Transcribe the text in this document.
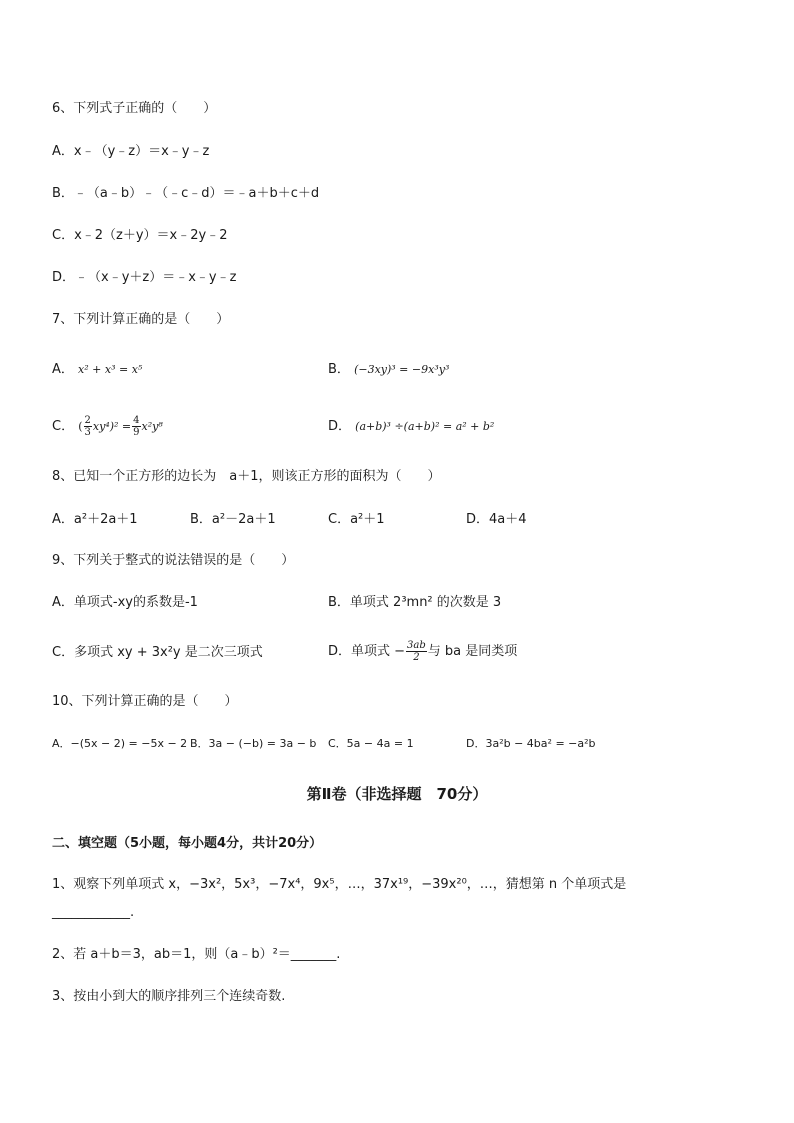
6、下列式子正确的（　　）
A．x﹣（y﹣z）＝x﹣y﹣z
B．﹣（a﹣b）﹣（﹣c﹣d）＝﹣a＋b＋c＋d
C．x﹣2（z＋y）＝x﹣2y﹣2
D．﹣（x﹣y＋z）＝﹣x﹣y﹣z
7、下列计算正确的是（　　）
A． x² + x³ = x⁵	B． (−3xy)³ = −9x³y³
C． ( $\frac{2}{3} xy^4)^2 = \frac{4}{9} x^2y^8$	D． (a+b)³ ÷(a+b)² = a² + b²
8、已知一个正方形的边长为　a＋1，则该正方形的面积为（　　）
A．a²＋2a＋1	B．a²－2a＋1	C．a²＋1	D．4a＋4
9、下列关于整式的说法错误的是（　　）
A．单项式-xy的系数是-1	B．单项式 2³mn² 的次数是 3
C．多项式 xy + 3x²y 是二次三项式	D．单项式 − $\frac{3ab}{2}$ 与 ba 是同类项
10、下列计算正确的是（　　）
A．−(5x − 2) = −5x − 2 B．3a − (−b) = 3a − b C．5a − 4a = 1	D．3a²b − 4ba² = −a²b
第Ⅱ卷（非选择题　70分）
二、填空题（5小题，每小题4分，共计20分）
1、观察下列单项式 x，−3x²，5x³，−7x⁴，9x⁵，…，37x¹⁹，−39x²⁰，…，猜想第 n 个单项式是
____________.
2、若 a＋b＝3，ab＝1，则（a﹣b）²＝_______.
3、按由小到大的顺序排列三个连续奇数.
